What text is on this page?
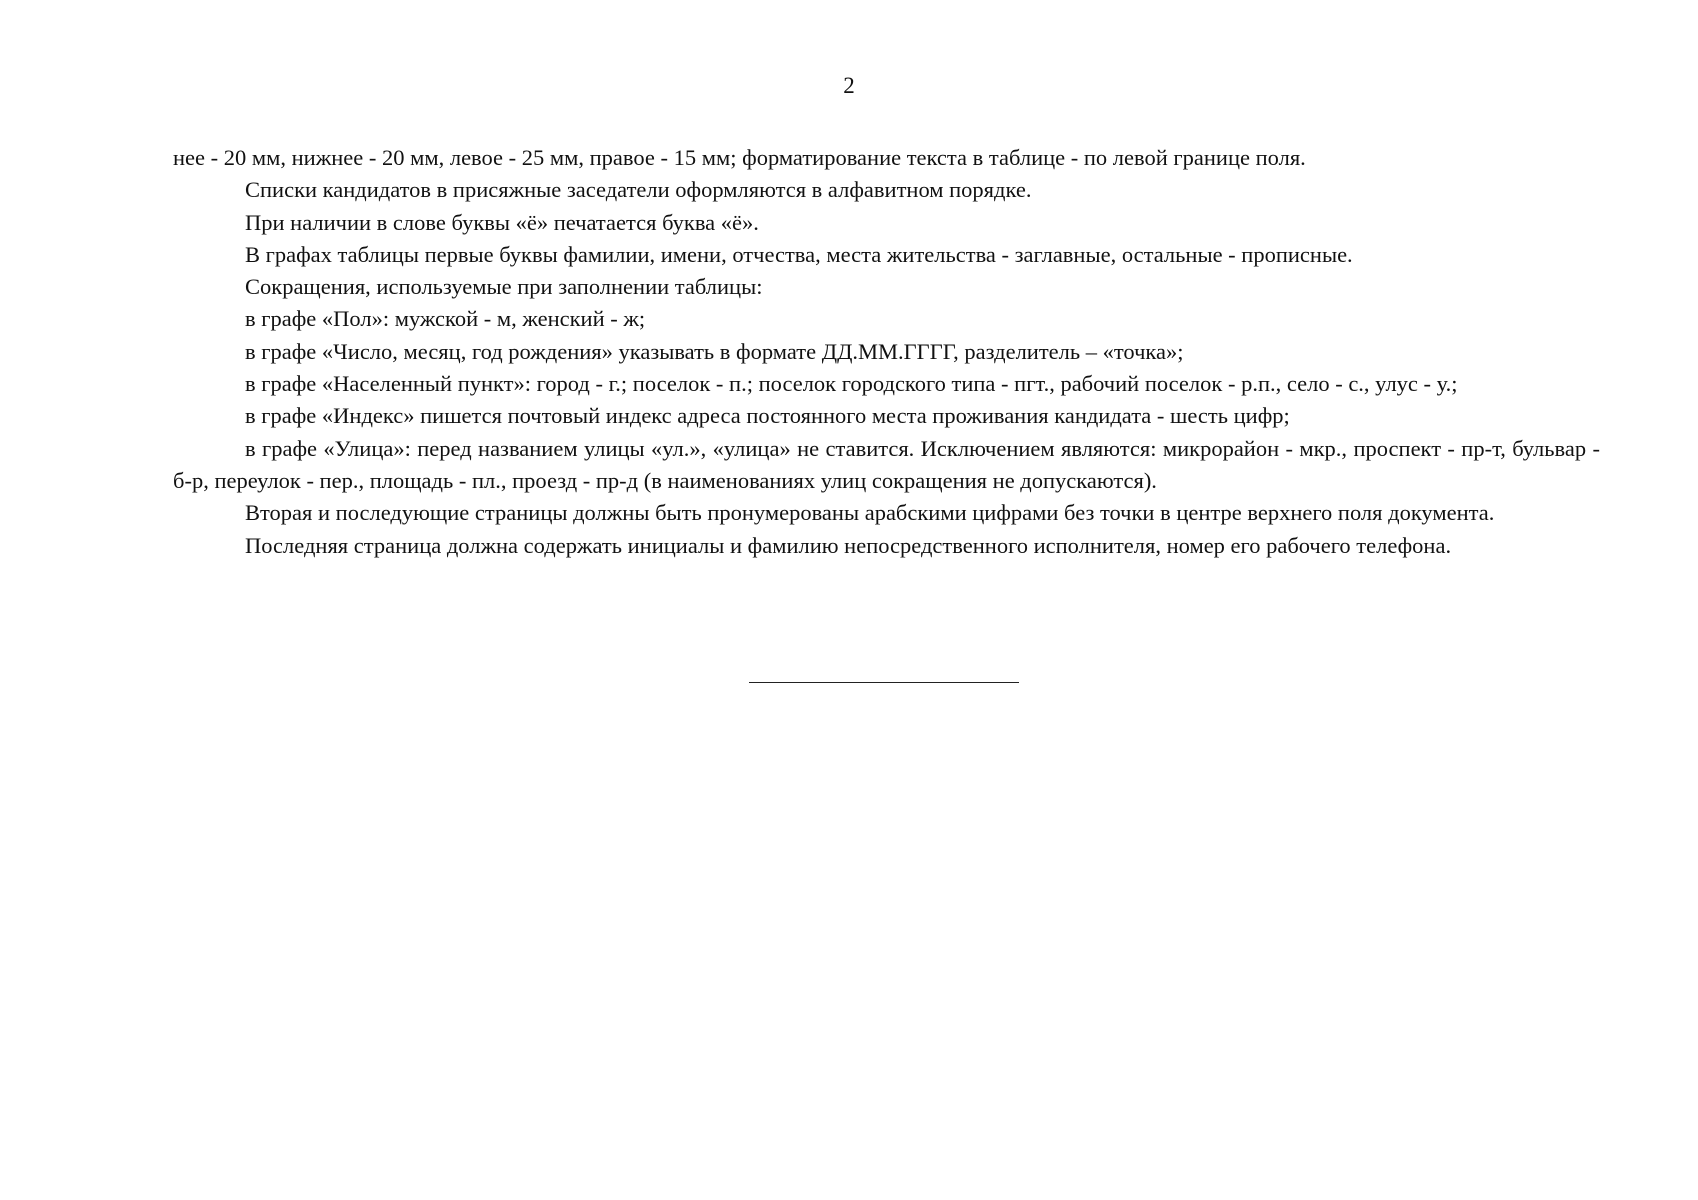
2

нее - 20 мм, нижнее - 20 мм, левое - 25 мм, правое - 15 мм; форматирование текста в таблице - по левой границе поля.

Списки кандидатов в присяжные заседатели оформляются в алфавитном порядке.

При наличии в слове буквы «ё» печатается буква «ё».

В графах таблицы первые буквы фамилии, имени, отчества, места жительства - заглавные, остальные - прописные.

Сокращения, используемые при заполнении таблицы:

в графе «Пол»: мужской - м, женский - ж;

в графе «Число, месяц, год рождения» указывать в формате ДД.ММ.ГГГГ, разделитель – «точка»;

в графе «Населенный пункт»: город - г.; поселок - п.; поселок городского типа - пгт., рабочий поселок - р.п., село - с., улус - у.;

в графе «Индекс» пишется почтовый индекс адреса постоянного места проживания кандидата - шесть цифр;

в графе «Улица»: перед названием улицы «ул.», «улица» не ставится. Исключением являются: микрорайон - мкр., проспект - пр-т, бульвар - б-р, переулок - пер., площадь - пл., проезд - пр-д (в наименованиях улиц сокращения не допускаются).

Вторая и последующие страницы должны быть пронумерованы арабскими цифрами без точки в центре верхнего поля документа.

Последняя страница должна содержать инициалы и фамилию непосредственного исполнителя, номер его рабочего телефона.
